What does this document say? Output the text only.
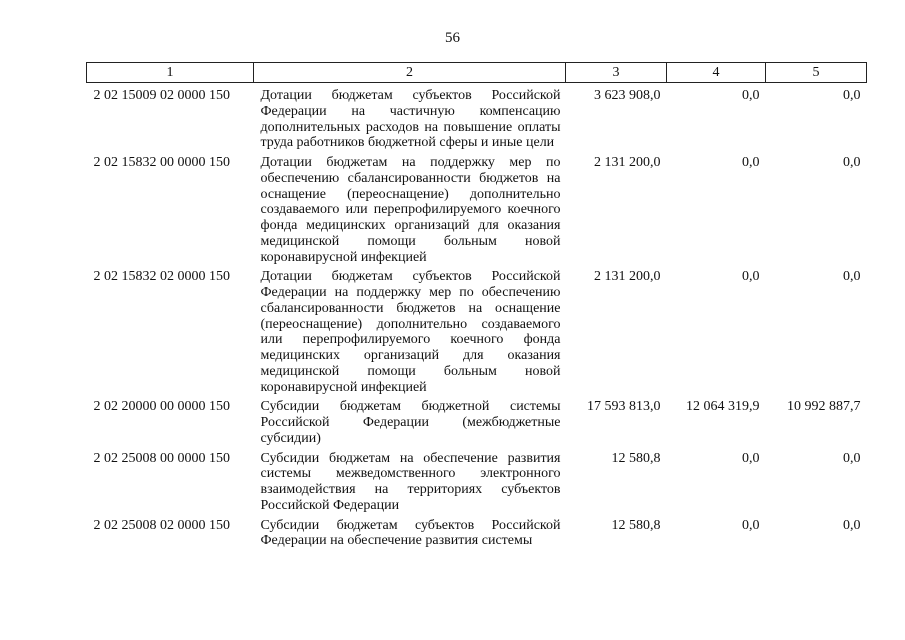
56
1	2	3	4	5
2 02 15009 02 0000 150	Дотации бюджетам субъектов Российской Федерации на частичную компенсацию дополнительных расходов на повышение оплаты труда работников бюджетной сферы и иные цели	3 623 908,0	0,0	0,0
2 02 15832 00 0000 150	Дотации бюджетам на поддержку мер по обеспечению сбалансированности бюджетов на оснащение (переоснащение) дополнительно создаваемого или перепрофилируемого коечного фонда медицинских организаций для оказания медицинской помощи больным новой коронавирусной инфекцией	2 131 200,0	0,0	0,0
2 02 15832 02 0000 150	Дотации бюджетам субъектов Российской Федерации на поддержку мер по обеспечению сбалансированности бюджетов на оснащение (переоснащение) дополнительно создаваемого или перепрофилируемого коечного фонда медицинских организаций для оказания медицинской помощи больным новой коронавирусной инфекцией	2 131 200,0	0,0	0,0
2 02 20000 00 0000 150	Субсидии бюджетам бюджетной системы Российской Федерации (межбюджетные субсидии)	17 593 813,0	12 064 319,9	10 992 887,7
2 02 25008 00 0000 150	Субсидии бюджетам на обеспечение развития системы межведомственного электронного взаимодействия на территориях субъектов Российской Федерации	12 580,8	0,0	0,0
2 02 25008 02 0000 150	Субсидии бюджетам субъектов Российской Федерации на обеспечение развития системы	12 580,8	0,0	0,0
